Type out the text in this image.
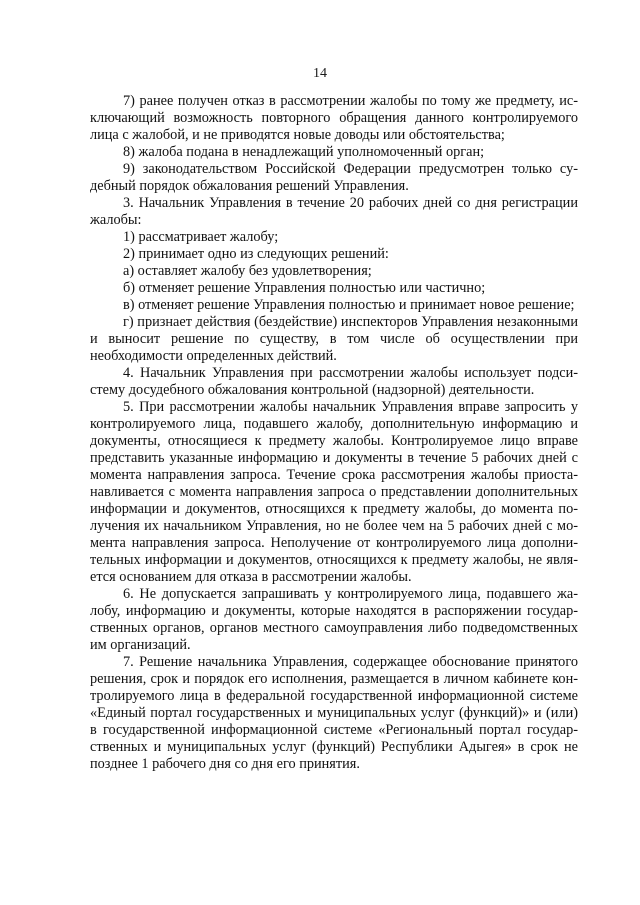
14

7) ранее получен отказ в рассмотрении жалобы по тому же предмету, исключающий возможность повторного обращения данного контролируемого лица с жалобой, и не приводятся новые доводы или обстоятельства;

8) жалоба подана в ненадлежащий уполномоченный орган;

9) законодательством Российской Федерации предусмотрен только судебный порядок обжалования решений Управления.

3. Начальник Управления в течение 20 рабочих дней со дня регистрации жалобы:

1) рассматривает жалобу;

2) принимает одно из следующих решений:

а) оставляет жалобу без удовлетворения;

б) отменяет решение Управления полностью или частично;

в) отменяет решение Управления полностью и принимает новое решение;

г) признает действия (бездействие) инспекторов Управления незаконными и выносит решение по существу, в том числе об осуществлении при необходимости определенных действий.

4. Начальник Управления при рассмотрении жалобы использует подсистему досудебного обжалования контрольной (надзорной) деятельности.

5. При рассмотрении жалобы начальник Управления вправе запросить у контролируемого лица, подавшего жалобу, дополнительную информацию и документы, относящиеся к предмету жалобы. Контролируемое лицо вправе представить указанные информацию и документы в течение 5 рабочих дней с момента направления запроса. Течение срока рассмотрения жалобы приостанавливается с момента направления запроса о представлении дополнительных информации и документов, относящихся к предмету жалобы, до момента получения их начальником Управления, но не более чем на 5 рабочих дней с момента направления запроса. Неполучение от контролируемого лица дополнительных информации и документов, относящихся к предмету жалобы, не является основанием для отказа в рассмотрении жалобы.

6. Не допускается запрашивать у контролируемого лица, подавшего жалобу, информацию и документы, которые находятся в распоряжении государственных органов, органов местного самоуправления либо подведомственных им организаций.

7. Решение начальника Управления, содержащее обоснование принятого решения, срок и порядок его исполнения, размещается в личном кабинете контролируемого лица в федеральной государственной информационной системе «Единый портал государственных и муниципальных услуг (функций)» и (или) в государственной информационной системе «Региональный портал государственных и муниципальных услуг (функций) Республики Адыгея» в срок не позднее 1 рабочего дня со дня его принятия.
